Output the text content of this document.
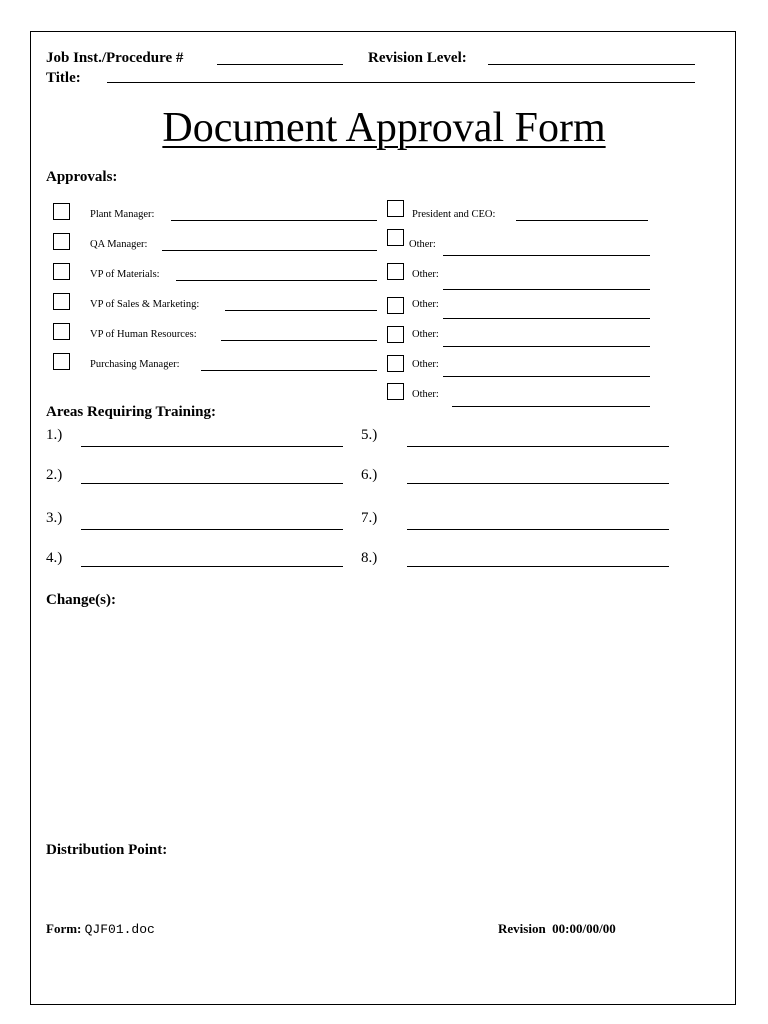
Job Inst./Procedure #	Revision Level:
Title:
Document Approval Form
Approvals:
Plant Manager:
QA Manager:
VP of Materials:
VP of Sales & Marketing:
VP of Human Resources:
Purchasing Manager:
President and CEO:
Other:
Other:
Other:
Other:
Other:
Other:
Areas Requiring Training:
1.)
2.)
3.)
4.)
5.)
6.)
7.)
8.)
Change(s):
Distribution Point:
Form: QJF01.doc	Revision 00:00/00/00
